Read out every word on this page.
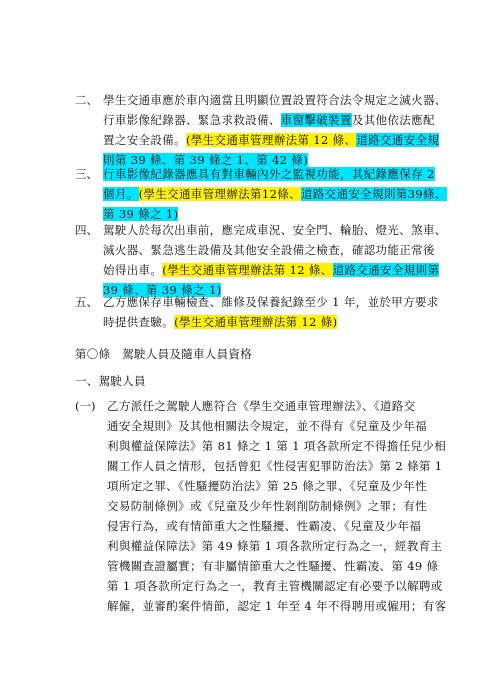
二、 學生交通車應於車內適當且明顯位置設置符合法令規定之滅火器、
行車影像紀錄器、緊急求救設備、車窗擊破裝置及其他依法應配
置之安全設備。(學生交通車管理辦法第 12 條、道路交通安全規
則第 39 條、第 39 條之 1、第 42 條)
三、 行車影像紀錄器應具有對車輛內外之監視功能，其紀錄應保存 2
個月。(學生交通車管理辦法第12條、道路交通安全規則第39條、
第 39 條之 1)
四、 駕駛人於每次出車前，應完成車況、安全門、輪胎、燈光、煞車、
滅火器、緊急逃生設備及其他安全設備之檢查，確認功能正常後
始得出車。(學生交通車管理辦法第 12 條、道路交通安全規則第
39 條、第 39 條之 1)
五、 乙方應保存車輛檢查、維修及保養紀錄至少 1 年，並於甲方要求
時提供查驗。(學生交通車管理辦法第 12 條)
第〇條　駕駛人員及隨車人員資格
一、駕駛人員
(一) 乙方派任之駕駛人應符合《學生交通車管理辦法》、《道路交
通安全規則》及其他相關法令規定，並不得有《兒童及少年福
利與權益保障法》第 81 條之 1 第 1 項各款所定不得擔任兒少相
關工作人員之情形，包括曾犯《性侵害犯罪防治法》第 2 條第 1
項所定之罪、《性騷擾防治法》第 25 條之罪、《兒童及少年性
交易防制條例》或《兒童及少年性剝削防制條例》之罪；有性
侵害行為，或有情節重大之性騷擾、性霸凌、《兒童及少年福
利與權益保障法》第 49 條第 1 項各款所定行為之一，經教育主
管機關查證屬實；有非屬情節重大之性騷擾、性霸凌、第 49 條
第 1 項各款所定行為之一，教育主管機關認定有必要予以解聘或
解僱，並審酌案件情節，認定 1 年至 4 年不得聘用或僱用；有客
